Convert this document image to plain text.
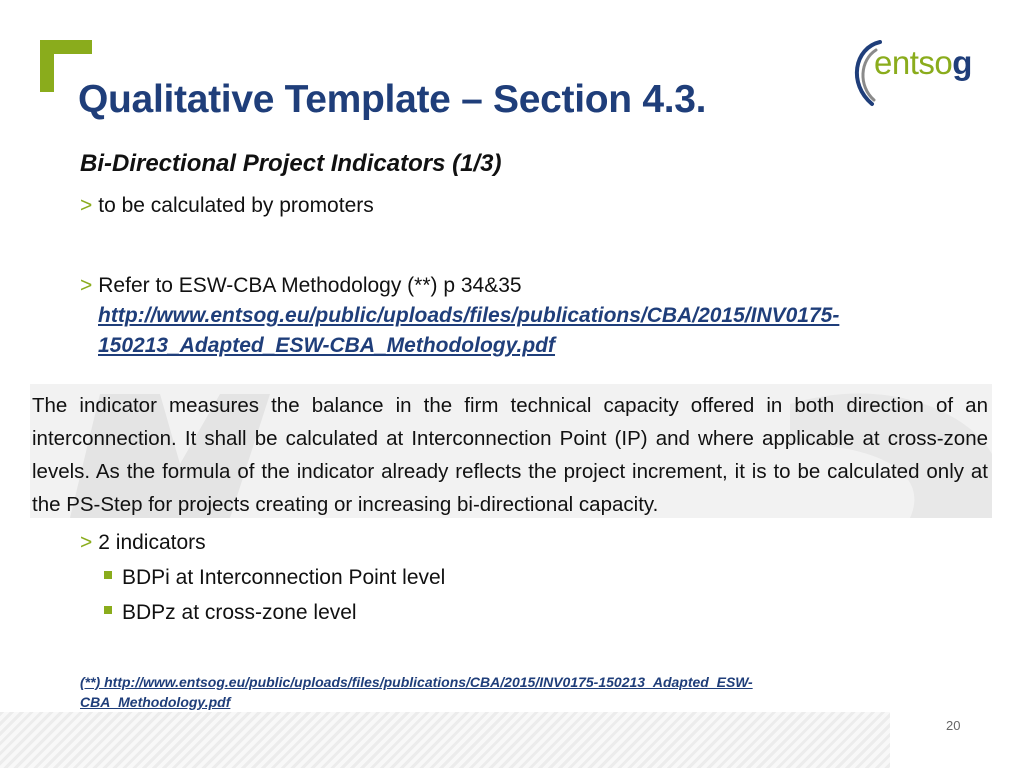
entsog
Qualitative Template – Section 4.3.
Bi-Directional Project Indicators (1/3)
> to be calculated by promoters
> Refer to ESW-CBA Methodology (**) p 34&35
http://www.entsog.eu/public/uploads/files/publications/CBA/2015/INV0175-
150213_Adapted_ESW-CBA_Methodology.pdf

The indicator measures the balance in the firm technical capacity offered in both direction of an interconnection. It shall be calculated at Interconnection Point (IP) and where applicable at cross-zone levels. As the formula of the indicator already reflects the project increment, it is to be calculated only at the PS-Step for projects creating or increasing bi-directional capacity.

> 2 indicators
BDPi at Interconnection Point level
BDPz at cross-zone level
(**) http://www.entsog.eu/public/uploads/files/publications/CBA/2015/INV0175-150213_Adapted_ESW-
CBA_Methodology.pdf
20
